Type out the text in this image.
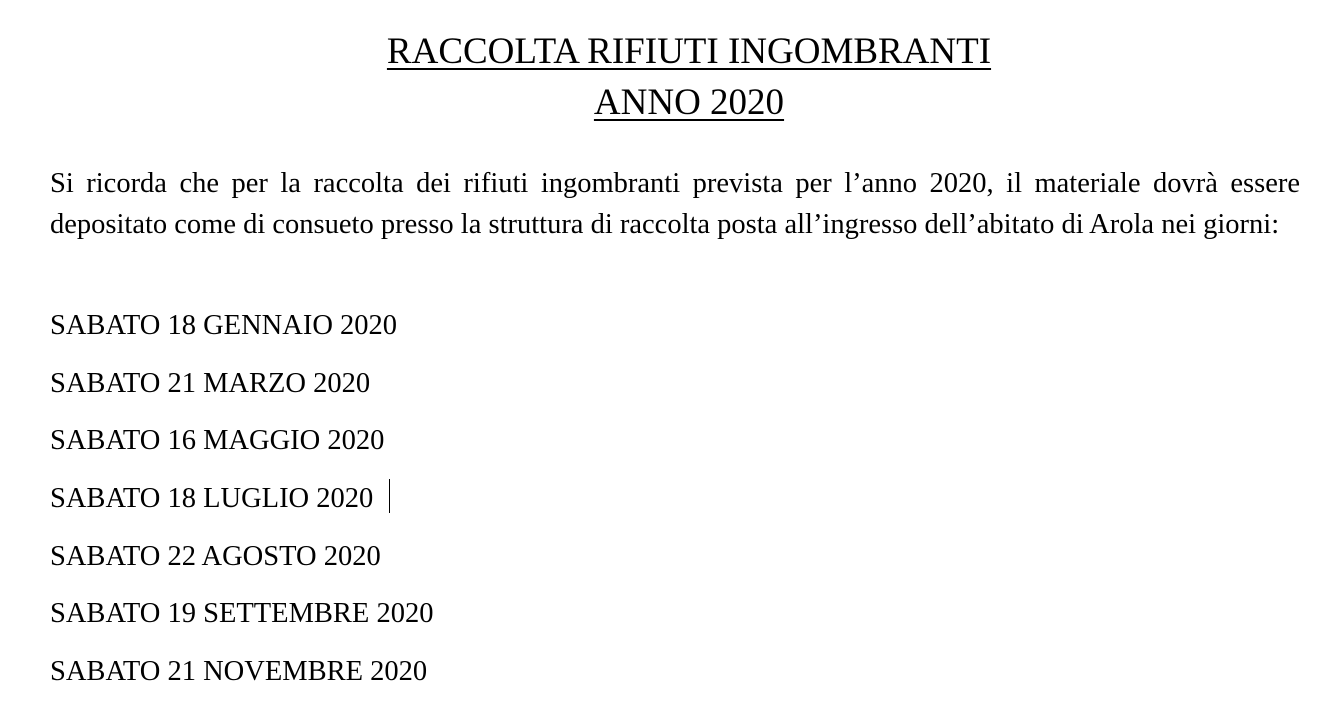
RACCOLTA RIFIUTI INGOMBRANTI
ANNO 2020

Si ricorda che per la raccolta dei rifiuti ingombranti prevista per l’anno 2020, il materiale dovrà essere depositato come di consueto presso la struttura di raccolta posta all’ingresso dell’abitato di Arola nei giorni:

SABATO 18 GENNAIO 2020
SABATO 21 MARZO 2020
SABATO 16 MAGGIO 2020
SABATO 18 LUGLIO 2020
SABATO 22 AGOSTO 2020
SABATO 19 SETTEMBRE 2020
SABATO 21 NOVEMBRE 2020
